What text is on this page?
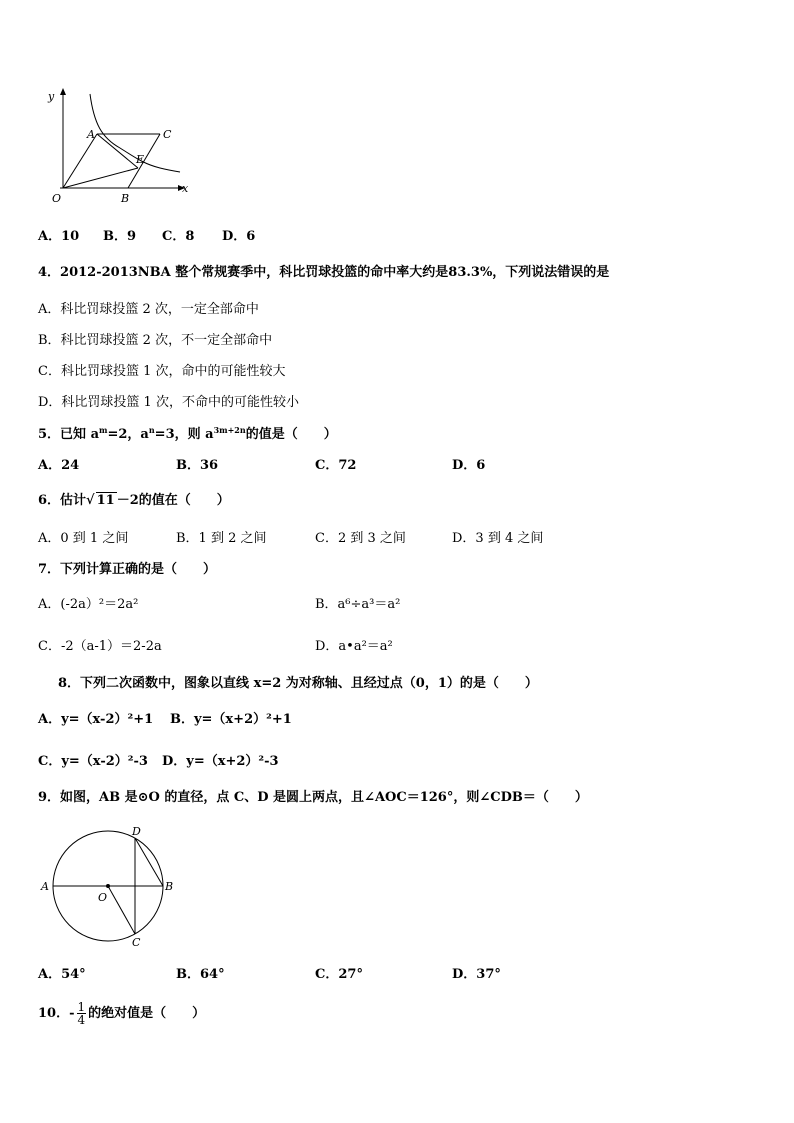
y
x
O
A
B
C
E
A．10 B．9 C．8 D．6
4．2012-2013NBA 整个常规赛季中，科比罚球投篮的命中率大约是83.3%，下列说法错误的是
A．科比罚球投篮 2 次，一定全部命中
B．科比罚球投篮 2 次，不一定全部命中
C．科比罚球投篮 1 次，命中的可能性较大
D．科比罚球投篮 1 次，不命中的可能性较小
5．已知 $a^m=2$，$a^n=3$，则 $a^{3m+2n}$的值是（　　）
A．24	B．36	C．72	D．6
6．估计√ 11 －2的值在（　　）
A．0 到 1 之间	B．1 到 2 之间	C．2 到 3 之间	D．3 到 4 之间
7．下列计算正确的是（　　）
A．(-2a）²＝2a²	B．a⁶÷a³＝a²
C．-2（a-1）＝2-2a	D．a•a²＝a²
8．下列二次函数中，图象以直线 x=2 为对称轴、且经过点（0，1）的是（　　）
A．y=（x-2）²+1 B．y=（x+2）²+1
C．y=（x-2）²-3 D．y=（x+2）²-3
9．如图，AB 是⊙O 的直径，点 C、D 是圆上两点，且∠AOC＝126°，则∠CDB＝（　　）
A	B
C
D
O
A．54°	B．64°	C．27°	D．37°
10．- $\frac{1}{4}$ 的绝对值是（　　）
